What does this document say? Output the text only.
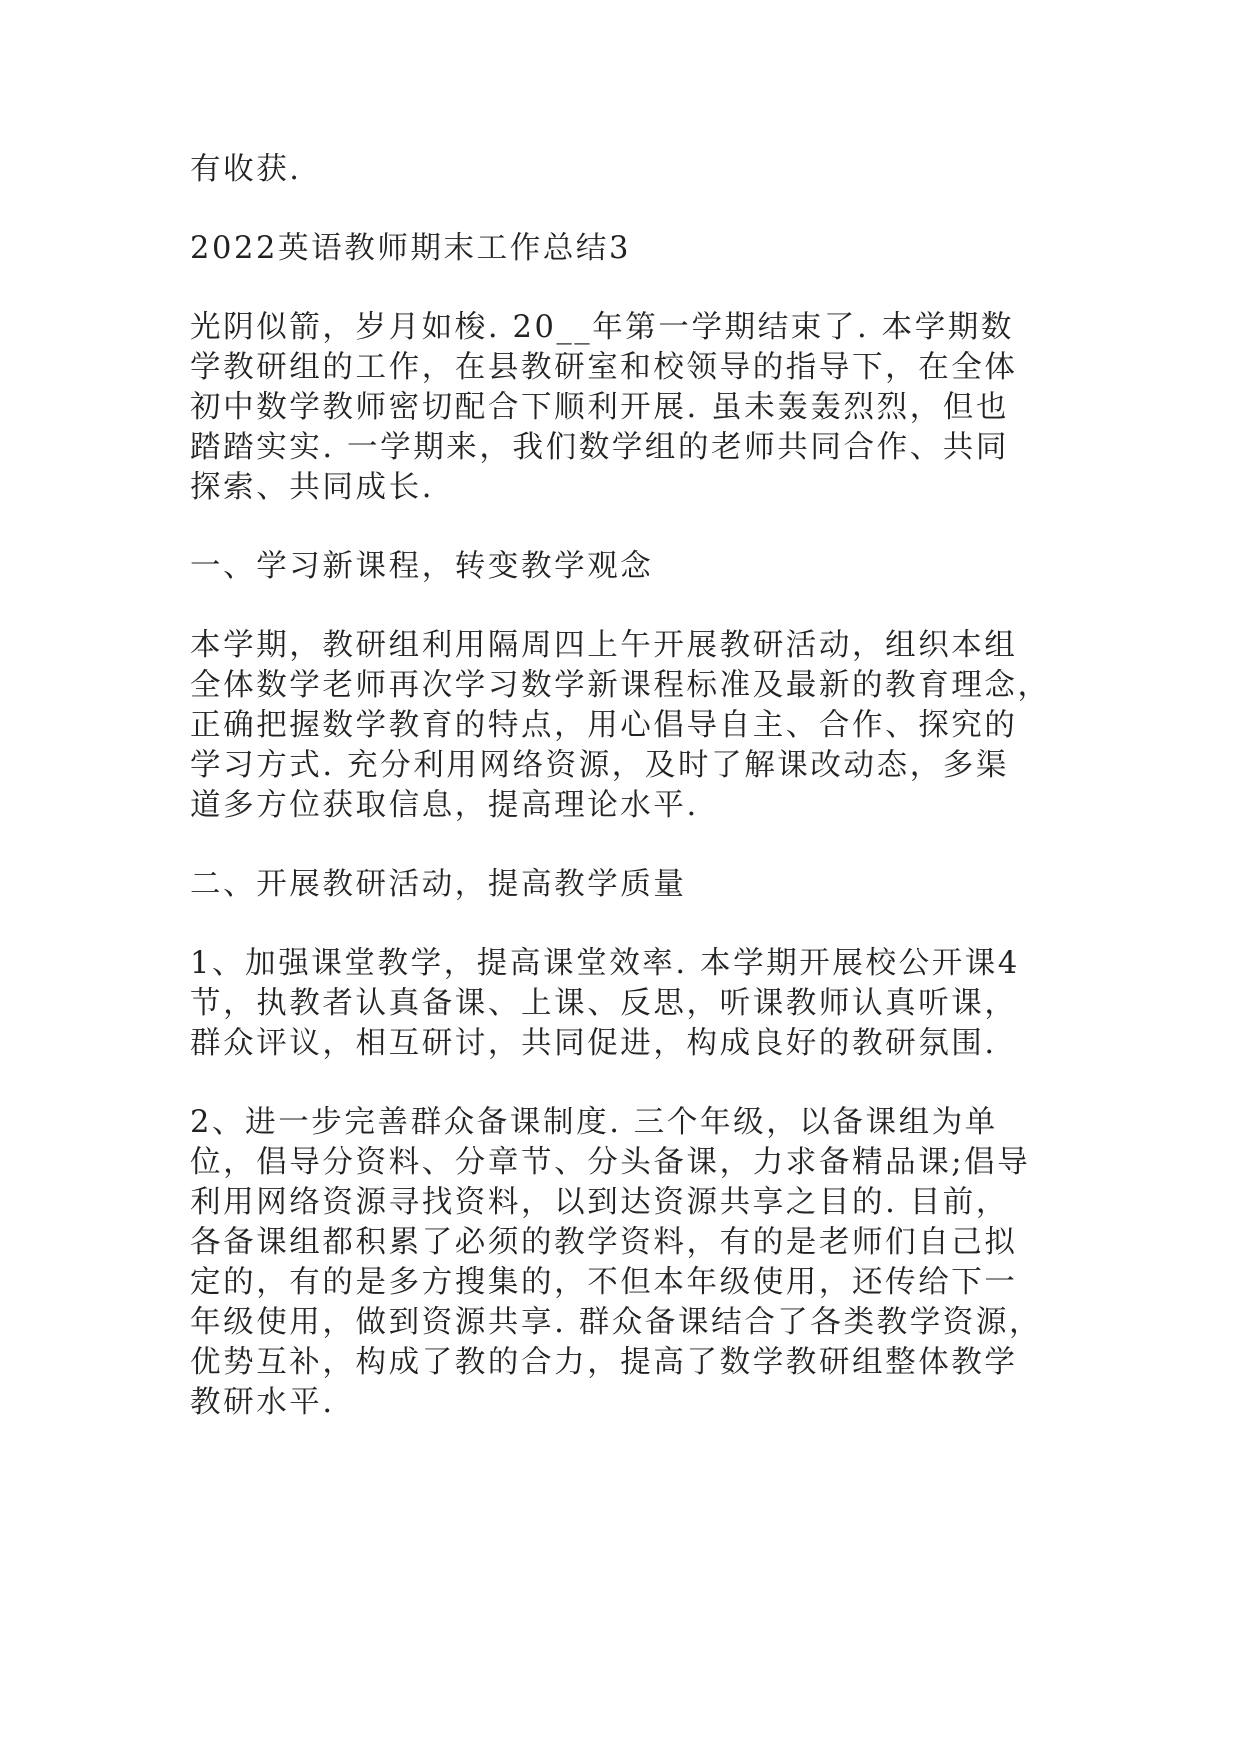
有收获.

2022英语教师期末工作总结3

光阴似箭，岁月如梭. 20__年第一学期结束了. 本学期数
学教研组的工作，在县教研室和校领导的指导下，在全体
初中数学教师密切配合下顺利开展. 虽未轰轰烈烈，但也
踏踏实实. 一学期来，我们数学组的老师共同合作、共同
探索、共同成长.

一、学习新课程，转变教学观念

本学期，教研组利用隔周四上午开展教研活动，组织本组
全体数学老师再次学习数学新课程标准及最新的教育理念，
正确把握数学教育的特点，用心倡导自主、合作、探究的
学习方式. 充分利用网络资源，及时了解课改动态，多渠
道多方位获取信息，提高理论水平.

二、开展教研活动，提高教学质量

1、加强课堂教学，提高课堂效率. 本学期开展校公开课4
节，执教者认真备课、上课、反思，听课教师认真听课，
群众评议，相互研讨，共同促进，构成良好的教研氛围.

2、进一步完善群众备课制度. 三个年级，以备课组为单
位，倡导分资料、分章节、分头备课，力求备精品课;倡导
利用网络资源寻找资料，以到达资源共享之目的. 目前，
各备课组都积累了必须的教学资料，有的是老师们自己拟
定的，有的是多方搜集的，不但本年级使用，还传给下一
年级使用，做到资源共享. 群众备课结合了各类教学资源，
优势互补，构成了教的合力，提高了数学教研组整体教学
教研水平.
